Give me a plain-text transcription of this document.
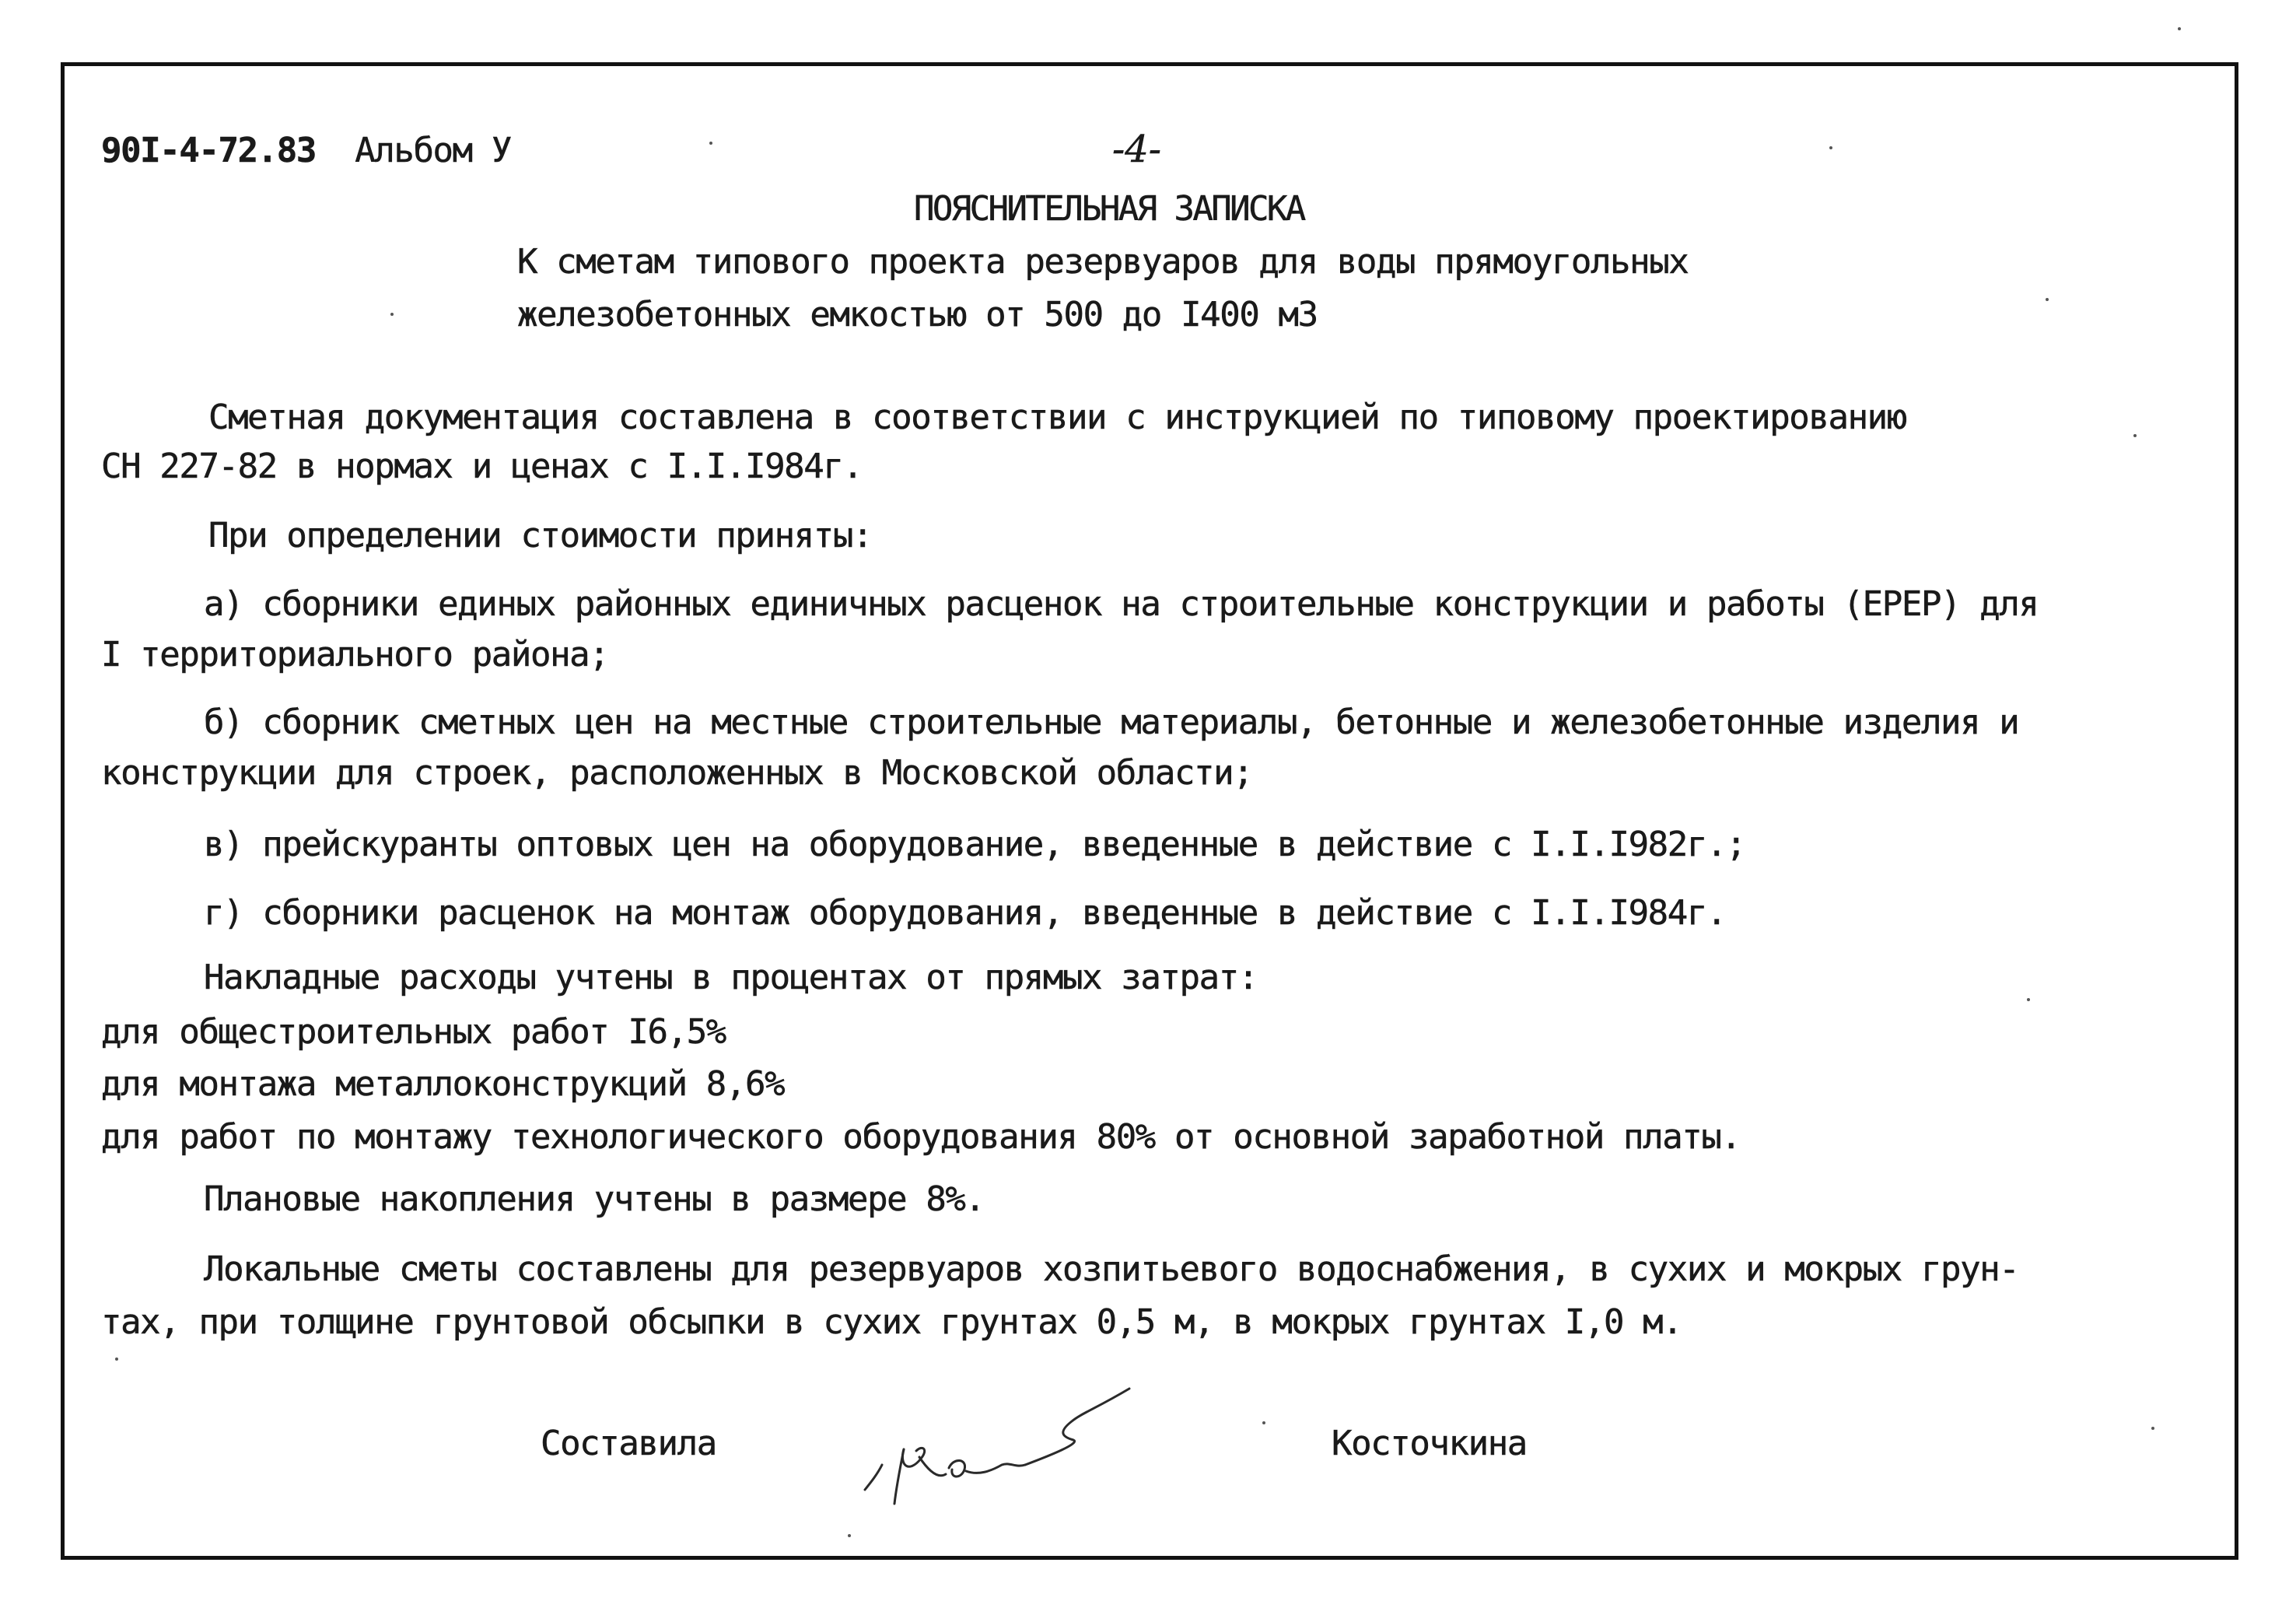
90I-4-72.83 Альбом У	-4-
ПОЯСНИТЕЛЬНАЯ ЗАПИСКА
К сметам типового проекта резервуаров для воды прямоугольных
железобетонных емкостью от 500 до I400 м3
Сметная документация составлена в соответствии с инструкцией по типовому проектированию
СН 227-82 в нормах и ценах с I.I.I984г.
При определении стоимости приняты:
а) сборники единых районных единичных расценок на строительные конструкции и работы (ЕРЕР) для
I территориального района;
б) сборник сметных цен на местные строительные материалы, бетонные и железобетонные изделия и
конструкции для строек, расположенных в Московской области;
в) прейскуранты оптовых цен на оборудование, введенные в действие с I.I.I982г.;
г) сборники расценок на монтаж оборудования, введенные в действие с I.I.I984г.
Накладные расходы учтены в процентах от прямых затрат:
для общестроительных работ I6,5%
для монтажа металлоконструкций 8,6%
для работ по монтажу технологического оборудования 80% от основной заработной платы.
Плановые накопления учтены в размере 8%.
Локальные сметы составлены для резервуаров хозпитьевого водоснабжения, в сухих и мокрых грун-
тах, при толщине грунтовой обсыпки в сухих грунтах 0,5 м, в мокрых грунтах I,0 м.
Составила	Косточкина
